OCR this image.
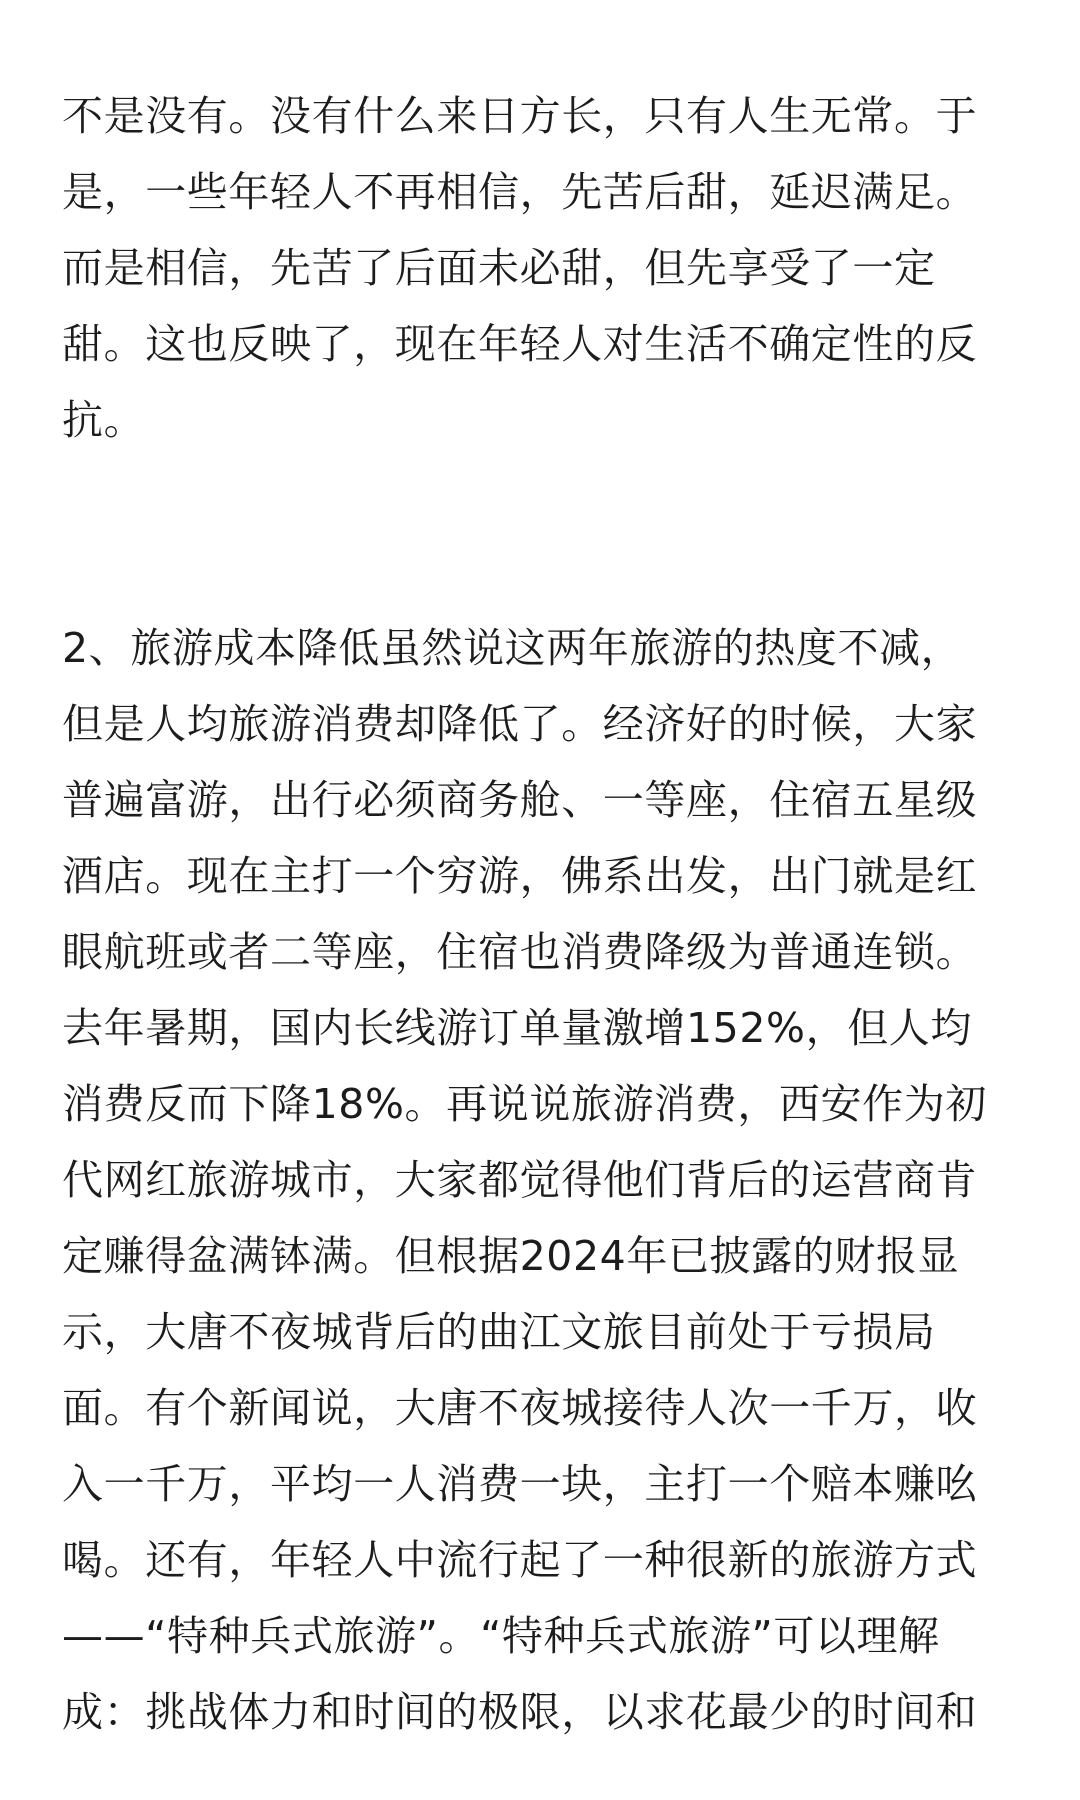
不是没有。没有什么来日方长，只有人生无常。于
是，一些年轻人不再相信，先苦后甜，延迟满足。
而是相信，先苦了后面未必甜，但先享受了一定
甜。这也反映了，现在年轻人对生活不确定性的反
抗。
2、旅游成本降低虽然说这两年旅游的热度不减，
但是人均旅游消费却降低了。经济好的时候，大家
普遍富游，出行必须商务舱、一等座，住宿五星级
酒店。现在主打一个穷游，佛系出发，出门就是红
眼航班或者二等座，住宿也消费降级为普通连锁。
去年暑期，国内长线游订单量激增152%，但人均
消费反而下降18%。再说说旅游消费，西安作为初
代网红旅游城市，大家都觉得他们背后的运营商肯
定赚得盆满钵满。但根据2024年已披露的财报显
示，大唐不夜城背后的曲江文旅目前处于亏损局
面。有个新闻说，大唐不夜城接待人次一千万，收
入一千万，平均一人消费一块，主打一个赔本赚吆
喝。还有，年轻人中流行起了一种很新的旅游方式
——“特种兵式旅游”。“特种兵式旅游”可以理解
成：挑战体力和时间的极限，以求花最少的时间和
